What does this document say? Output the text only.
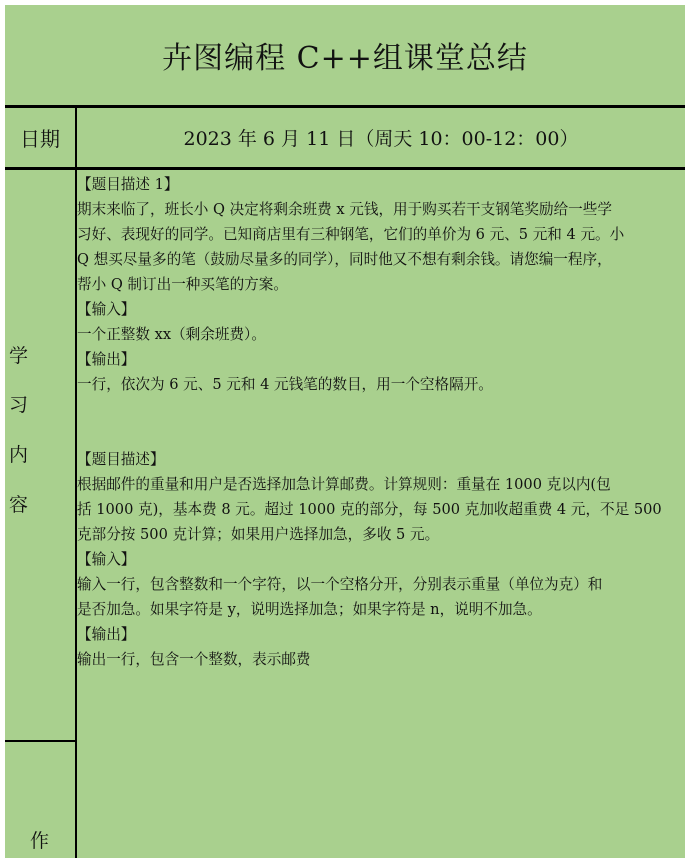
卉图编程 C++组课堂总结
日期	2023 年 6 月 11 日（周天 10：00-12：00）
学
习
内
容
作

【题目描述 1】

期末来临了，班长小 Q 决定将剩余班费 x 元钱，用于购买若干支钢笔奖励给一些学

习好、表现好的同学。已知商店里有三种钢笔，它们的单价为 6 元、5 元和 4 元。小

Q 想买尽量多的笔（鼓励尽量多的同学），同时他又不想有剩余钱。请您编一程序，

帮小 Q 制订出一种买笔的方案。

【输入】

一个正整数 xx（剩余班费）。

【输出】

一行，依次为 6 元、5 元和 4 元钱笔的数目，用一个空格隔开。

【题目描述】

根据邮件的重量和用户是否选择加急计算邮费。计算规则：重量在 1000 克以内(包

括 1000 克)，基本费 8 元。超过 1000 克的部分，每 500 克加收超重费 4 元，不足 500

克部分按 500 克计算；如果用户选择加急，多收 5 元。

【输入】

输入一行，包含整数和一个字符，以一个空格分开，分别表示重量（单位为克）和

是否加急。如果字符是 y，说明选择加急；如果字符是 n，说明不加急。

【输出】

输出一行，包含一个整数，表示邮费
